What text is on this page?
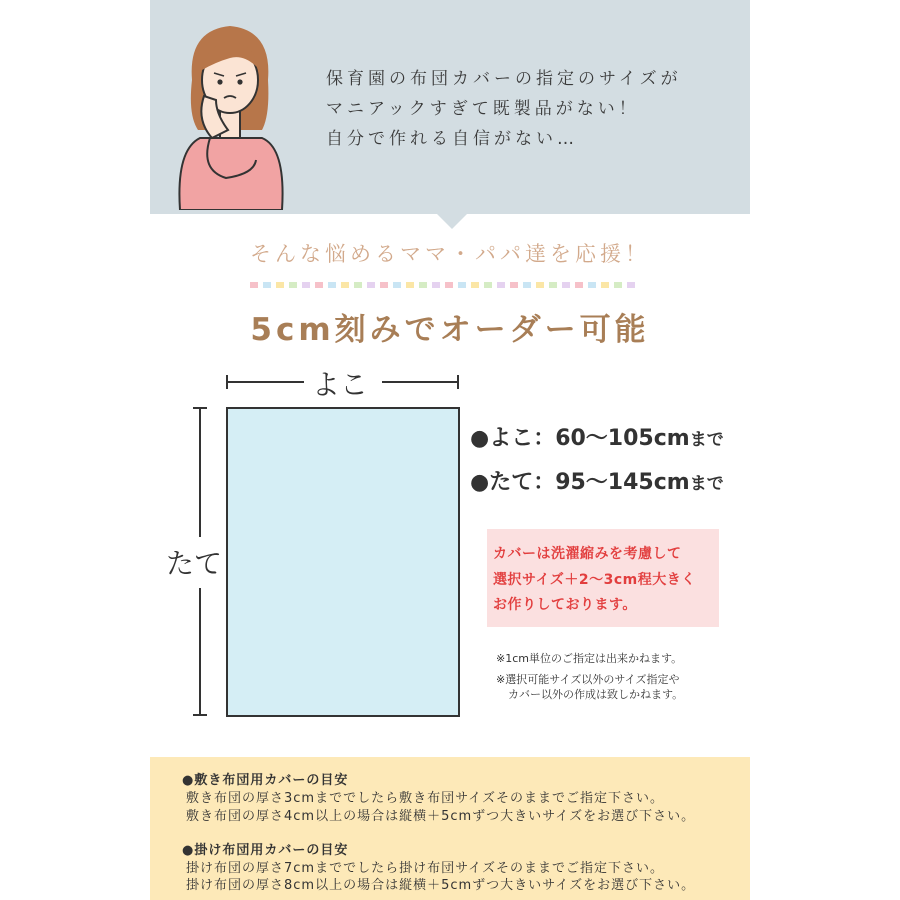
保育園の布団カバーの指定のサイズが
マニアックすぎて既製品がない！
自分で作れる自信がない…
そんな悩めるママ・パパ達を応援！
5cm刻みでオーダー可能
よこ
たて
●よこ：60～105cmまで
●たて：95～145cmまで
カバーは洗濯縮みを考慮して
選択サイズ＋2～3cm程大きく
お作りしております。
※1cm単位のご指定は出来かねます。
※選択可能サイズ以外のサイズ指定や
カバー以外の作成は致しかねます。
●敷き布団用カバーの目安
敷き布団の厚さ3cmまででしたら敷き布団サイズそのままでご指定下さい。
敷き布団の厚さ4cm以上の場合は縦横＋5cmずつ大きいサイズをお選び下さい。
●掛け布団用カバーの目安
掛け布団の厚さ7cmまででしたら掛け布団サイズそのままでご指定下さい。
掛け布団の厚さ8cm以上の場合は縦横＋5cmずつ大きいサイズをお選び下さい。
